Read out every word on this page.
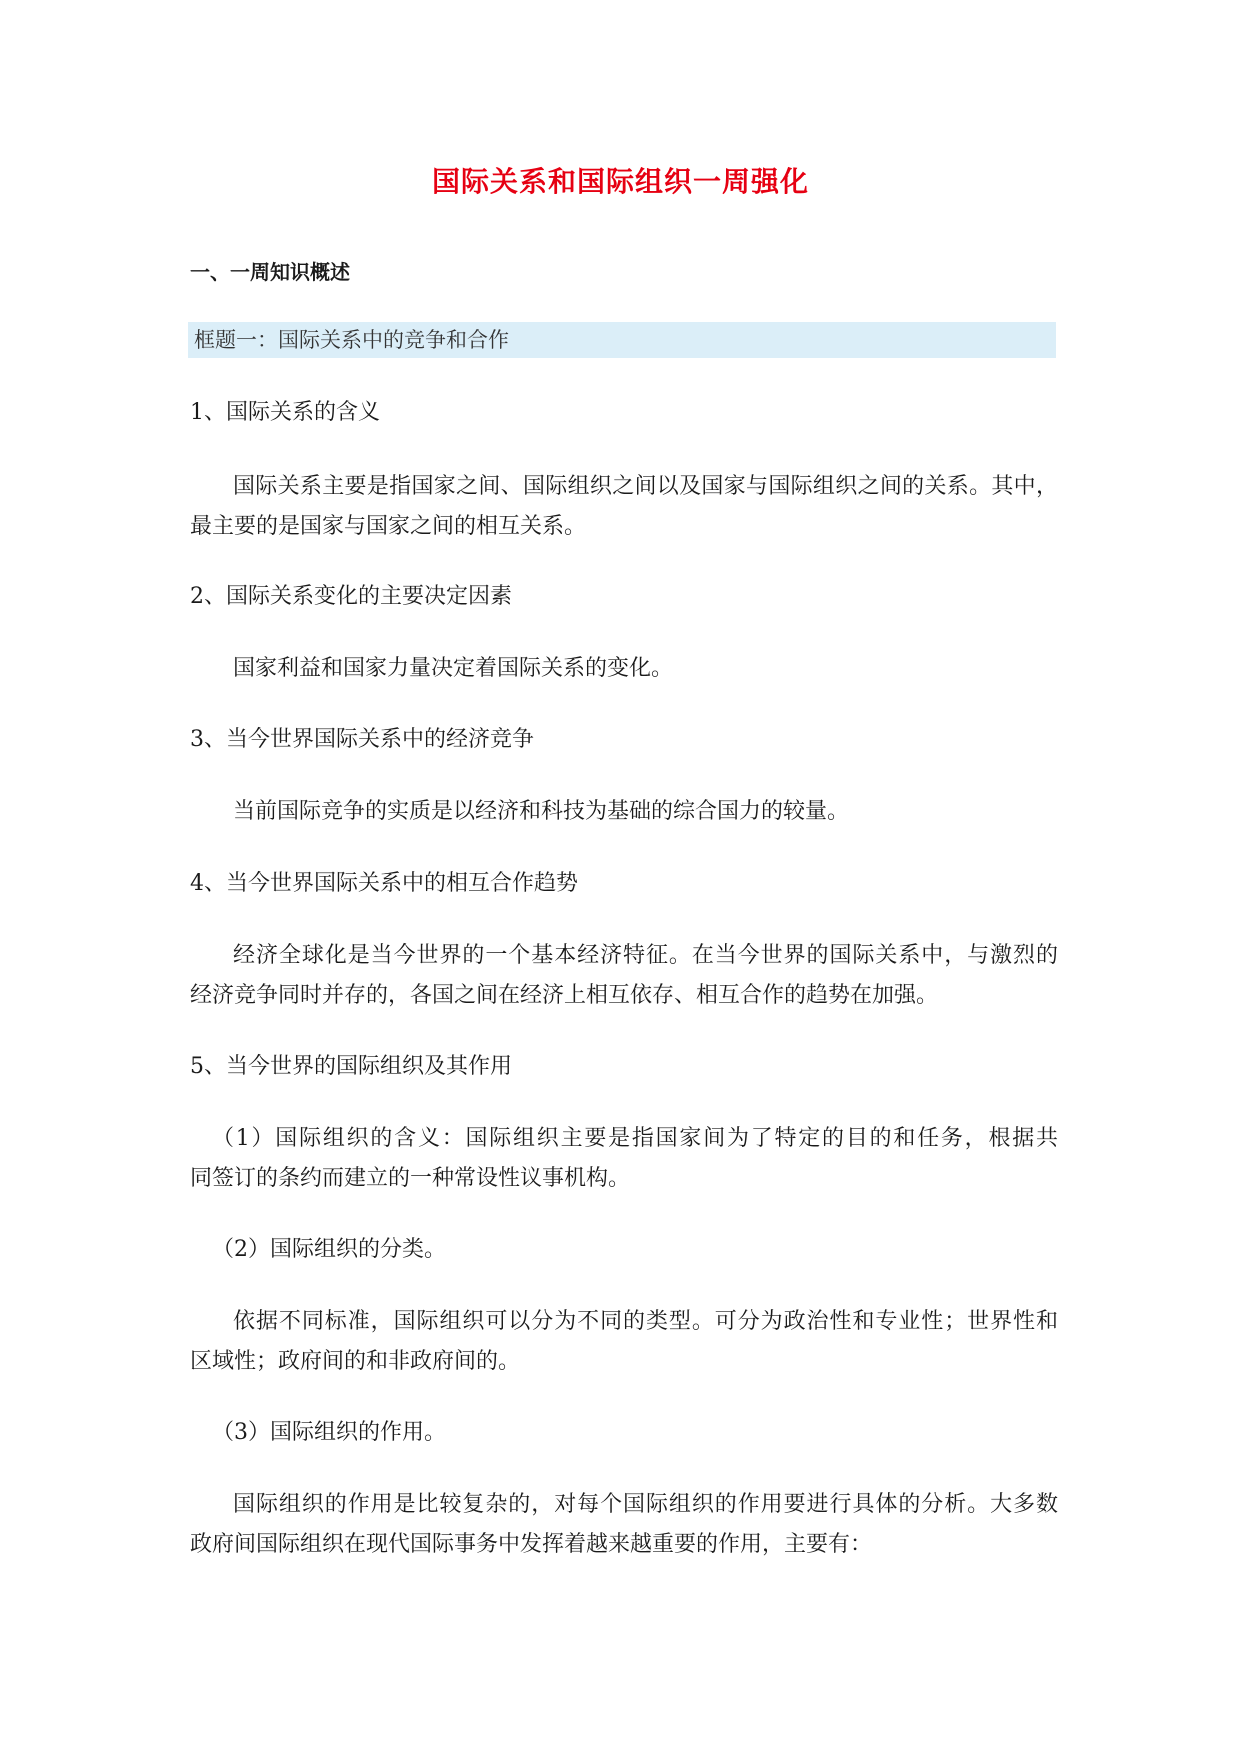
国际关系和国际组织一周强化
一、一周知识概述
框题一：国际关系中的竞争和合作
1、国际关系的含义
国际关系主要是指国家之间、国际组织之间以及国家与国际组织之间的关系。其中，
最主要的是国家与国家之间的相互关系。
2、国际关系变化的主要决定因素
国家利益和国家力量决定着国际关系的变化。
3、当今世界国际关系中的经济竞争
当前国际竞争的实质是以经济和科技为基础的综合国力的较量。
4、当今世界国际关系中的相互合作趋势
经济全球化是当今世界的一个基本经济特征。在当今世界的国际关系中，与激烈的
经济竞争同时并存的，各国之间在经济上相互依存、相互合作的趋势在加强。
5、当今世界的国际组织及其作用
（1）国际组织的含义：国际组织主要是指国家间为了特定的目的和任务，根据共
同签订的条约而建立的一种常设性议事机构。
（2）国际组织的分类。
依据不同标准，国际组织可以分为不同的类型。可分为政治性和专业性；世界性和
区域性；政府间的和非政府间的。
（3）国际组织的作用。
国际组织的作用是比较复杂的，对每个国际组织的作用要进行具体的分析。大多数
政府间国际组织在现代国际事务中发挥着越来越重要的作用，主要有：
